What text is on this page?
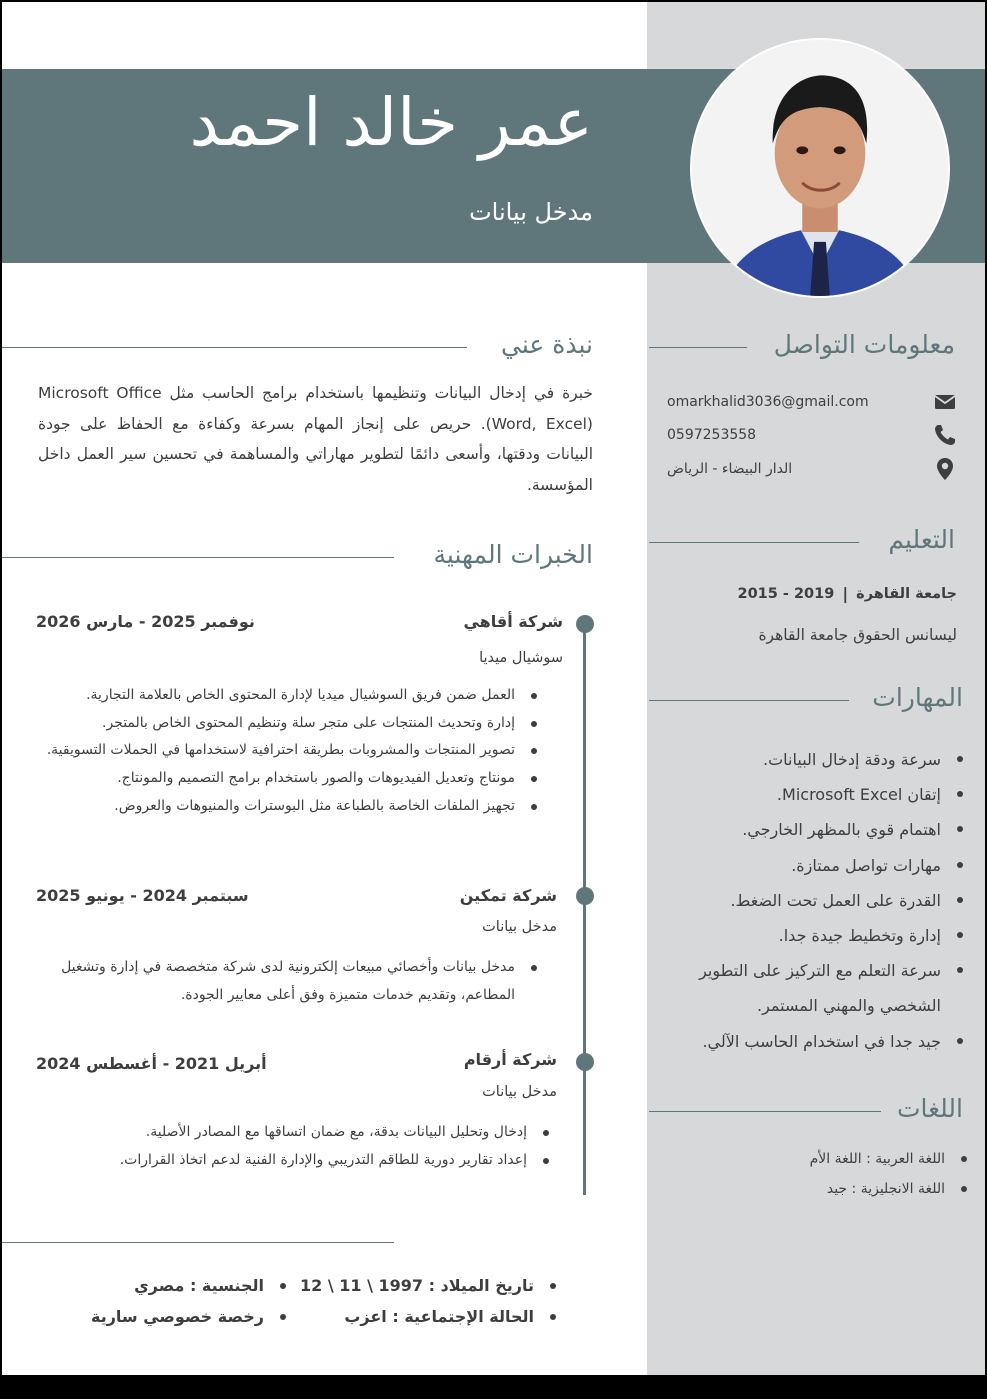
عمر خالد احمد
مدخل بيانات
نبذة عني

خبرة في إدخال البيانات وتنظيمها باستخدام برامج الحاسب مثل Microsoft Office (Word, Excel). حريص على إنجاز المهام بسرعة وكفاءة مع الحفاظ على جودة البيانات ودقتها، وأسعى دائمًا لتطوير مهاراتي والمساهمة في تحسين سير العمل داخل المؤسسة.

معلومات التواصل
omarkhalid3036@gmail.com
0597253558
الدار البيضاء - الرياض
التعليم
جامعة القاهرة
|
2019 - 2015
ليسانس الحقوق جامعة القاهرة
المهارات
سرعة ودقة إدخال البيانات.
إتقان Microsoft Excel.
اهتمام قوي بالمظهر الخارجي.
مهارات تواصل ممتازة.
القدرة على العمل تحت الضغط.
إدارة وتخطيط جيدة جدا.
سرعة التعلم مع التركيز على التطوير الشخصي والمهني المستمر.
جيد جدا في استخدام الحاسب الآلي.
اللغات
اللغة العربية : اللغة الأم
اللغة الانجليزية : جيد
الخبرات المهنية
شركة أقاهي
نوفمبر 2025 - مارس 2026
سوشيال ميديا
العمل ضمن فريق السوشيال ميديا لإدارة المحتوى الخاص بالعلامة التجارية.
إدارة وتحديث المنتجات على متجر سلة وتنظيم المحتوى الخاص بالمتجر.
تصوير المنتجات والمشروبات بطريقة احترافية لاستخدامها في الحملات التسويقية.
مونتاج وتعديل الفيديوهات والصور باستخدام برامج التصميم والمونتاج.
تجهيز الملفات الخاصة بالطباعة مثل البوسترات والمنيوهات والعروض.
شركة تمكين
سبتمبر 2024 - يونيو 2025
مدخل بيانات
مدخل بيانات وأخصائي مبيعات إلكترونية لدى شركة متخصصة في إدارة وتشغيل المطاعم، وتقديم خدمات متميزة وفق أعلى معايير الجودة.
شركة أرقام
أبريل 2021 - أغسطس 2024
مدخل بيانات
إدخال وتحليل البيانات بدقة، مع ضمان اتساقها مع المصادر الأصلية.
إعداد تقارير دورية للطاقم التدريبي والإدارة الفنية لدعم اتخاذ القرارات.
تاريخ الميلاد : 1997 \ 11 \ 12
الحالة الإجتماعية : اعزب
الجنسية : مصري
رخصة خصوصي سارية
